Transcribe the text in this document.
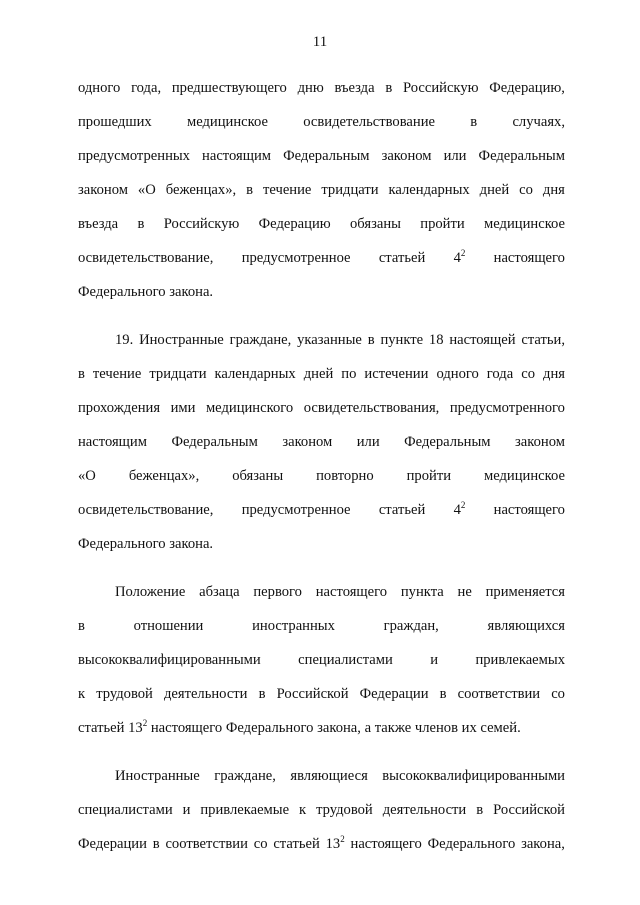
11
одного года, предшествующего дню въезда в Российскую Федерацию,
прошедших медицинское освидетельствование в случаях,
предусмотренных настоящим Федеральным законом или Федеральным
законом «О беженцах», в течение тридцати календарных дней со дня
въезда в Российскую Федерацию обязаны пройти медицинское
освидетельствование, предусмотренное статьей $4^2$ настоящего
Федерального закона.
19. Иностранные граждане, указанные в пункте 18 настоящей статьи,
в течение тридцати календарных дней по истечении одного года со дня
прохождения ими медицинского освидетельствования, предусмотренного
настоящим Федеральным законом или Федеральным законом
«О беженцах», обязаны повторно пройти медицинское
освидетельствование, предусмотренное статьей $4^2$ настоящего
Федерального закона.
Положение абзаца первого настоящего пункта не применяется
в	отношении	иностранных	граждан,	являющихся
высококвалифицированными	специалистами	и	привлекаемых
к трудовой деятельности в Российской Федерации в соответствии со
статьей $13^2$ настоящего Федерального закона, а также членов их семей.
Иностранные граждане, являющиеся высококвалифицированными
специалистами и привлекаемые к трудовой деятельности в Российской
Федерации в соответствии со статьей $13^2$ настоящего Федерального закона,
